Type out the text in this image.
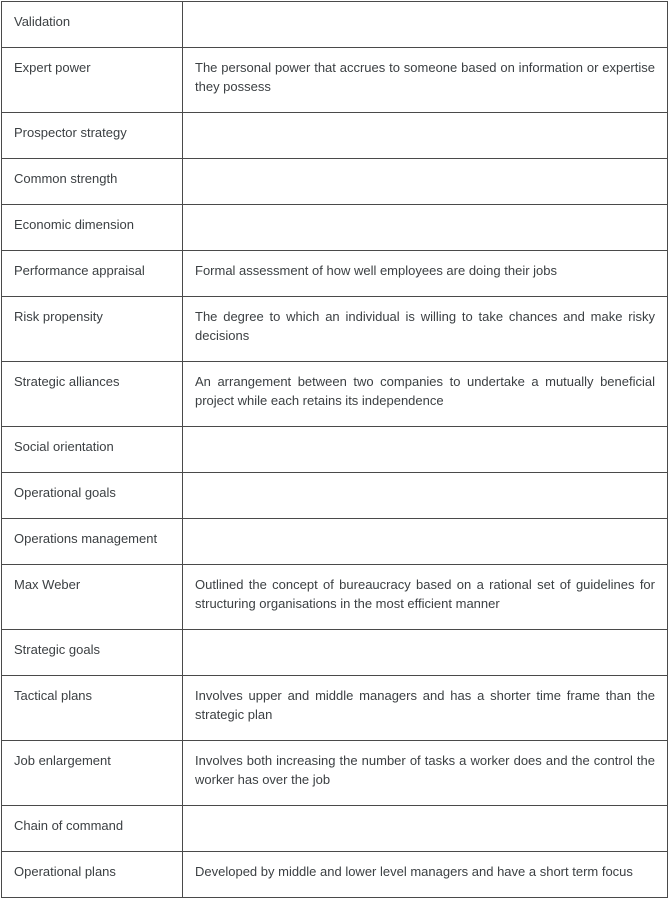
Validation	
Expert power	The personal power that accrues to someone based on information or expertise they possess
Prospector strategy	
Common strength	
Economic dimension	
Performance appraisal	Formal assessment of how well employees are doing their jobs
Risk propensity	The degree to which an individual is willing to take chances and make risky decisions
Strategic alliances	An arrangement between two companies to undertake a mutually beneficial project while each retains its independence
Social orientation	
Operational goals	
Operations management	
Max Weber	Outlined the concept of bureaucracy based on a rational set of guidelines for structuring organisations in the most efficient manner
Strategic goals	
Tactical plans	Involves upper and middle managers and has a shorter time frame than the strategic plan
Job enlargement	Involves both increasing the number of tasks a worker does and the control the worker has over the job
Chain of command	
Operational plans	Developed by middle and lower level managers and have a short term focus
